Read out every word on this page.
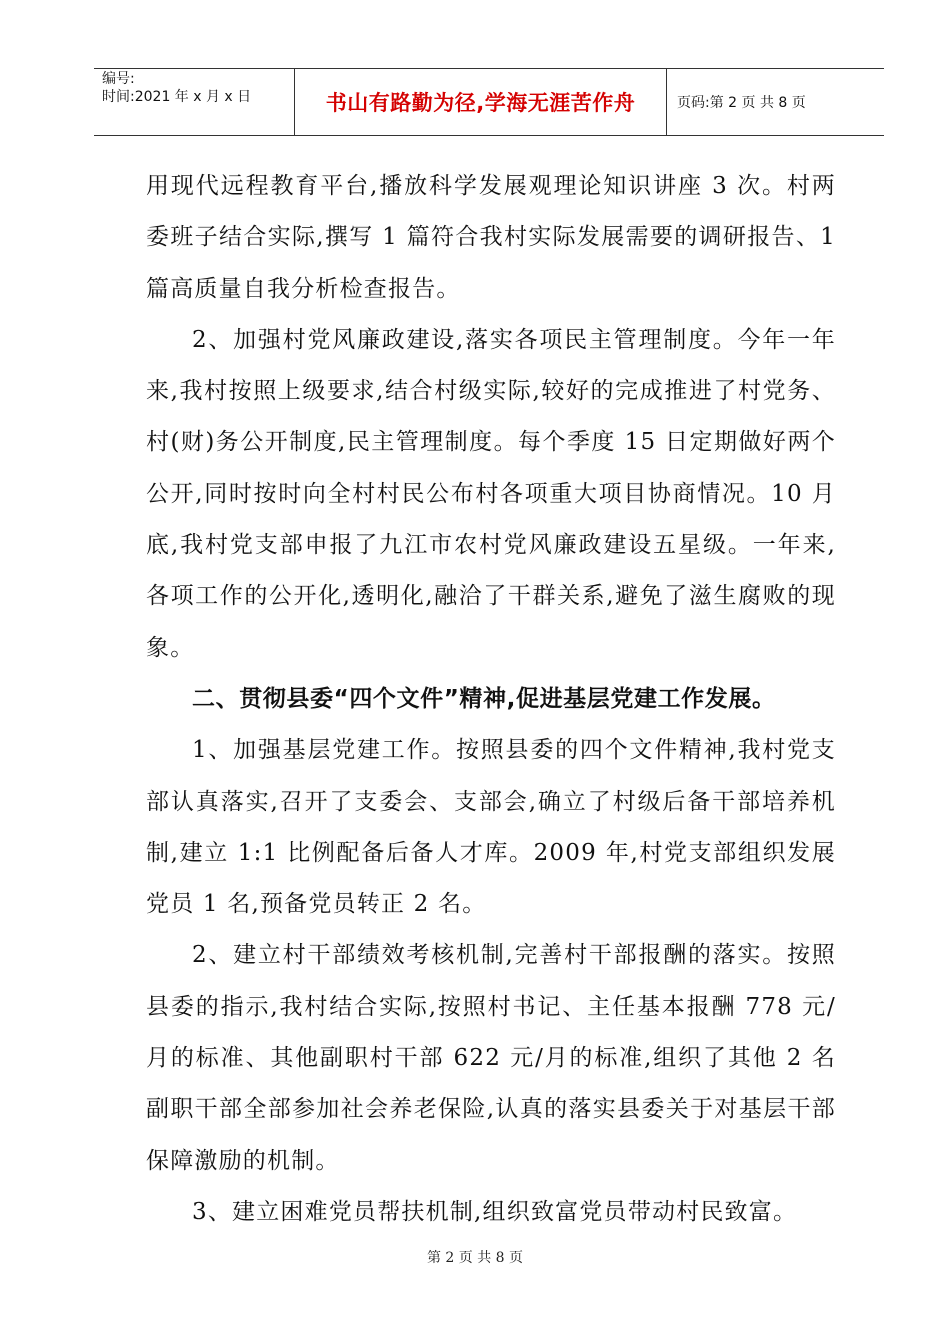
编号:
时间:2021 年 x 月 x 日	书山有路勤为径,学海无涯苦作舟	页码:第 2 页 共 8 页

用现代远程教育平台,播放科学发展观理论知识讲座 3 次。村两委班子结合实际,撰写 1 篇符合我村实际发展需要的调研报告、1 篇高质量自我分析检查报告。

2、加强村党风廉政建设,落实各项民主管理制度。今年一年来,我村按照上级要求,结合村级实际,较好的完成推进了村党务、村(财)务公开制度,民主管理制度。每个季度 15 日定期做好两个公开,同时按时向全村村民公布村各项重大项目协商情况。10 月底,我村党支部申报了九江市农村党风廉政建设五星级。一年来,各项工作的公开化,透明化,融洽了干群关系,避免了滋生腐败的现象。

二、贯彻县委“四个文件”精神,促进基层党建工作发展。

1、加强基层党建工作。按照县委的四个文件精神,我村党支部认真落实,召开了支委会、支部会,确立了村级后备干部培养机制,建立 1:1 比例配备后备人才库。2009 年,村党支部组织发展党员 1 名,预备党员转正 2 名。

2、建立村干部绩效考核机制,完善村干部报酬的落实。按照县委的指示,我村结合实际,按照村书记、主任基本报酬 778 元/月的标准、其他副职村干部 622 元/月的标准,组织了其他 2 名副职干部全部参加社会养老保险,认真的落实县委关于对基层干部保障激励的机制。

3、建立困难党员帮扶机制,组织致富党员带动村民致富。

第 2 页 共 8 页
